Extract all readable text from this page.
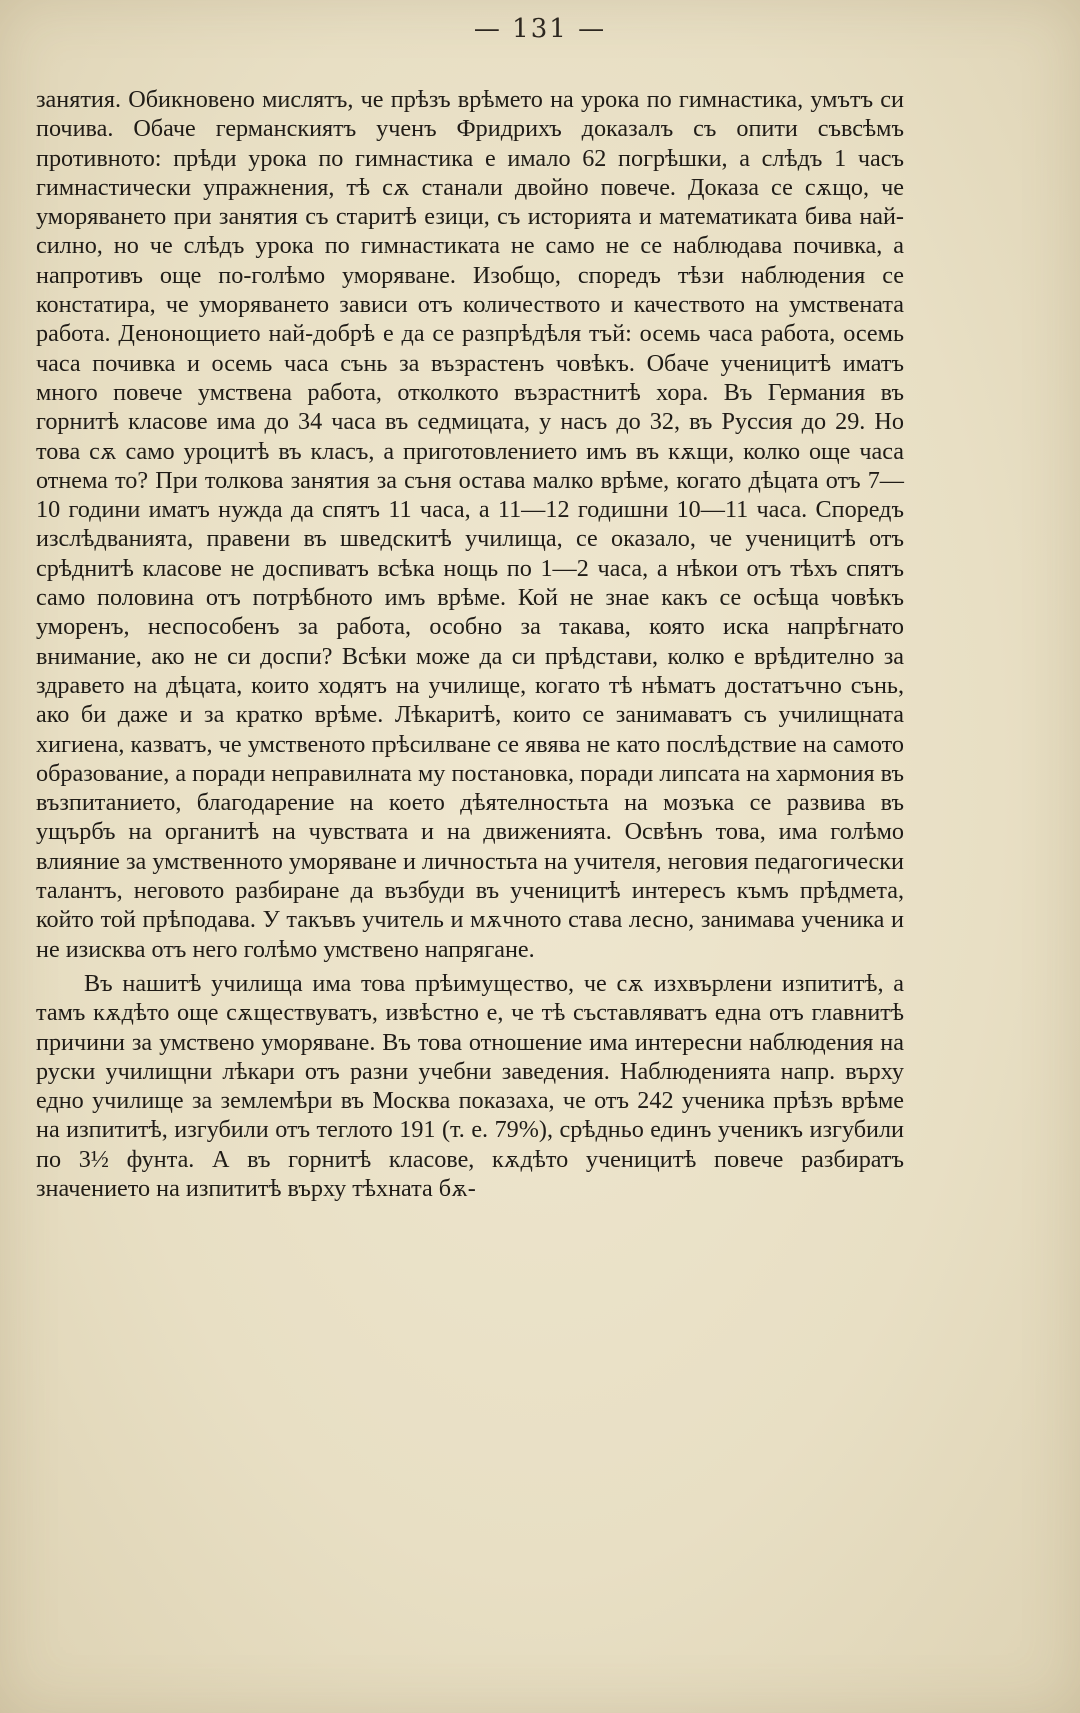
— 131 —

занятия. Обикновено мислятъ, че прѣзъ врѣмето на урока по гимнастика, умътъ си почива. Обаче германскиятъ ученъ Фридрихъ доказалъ съ опити съвсѣмъ противното: прѣди урока по гимнастика е имало 62 погрѣшки, а слѣдъ 1 часъ гимнастически упражнения, тѣ сѫ станали двойно повече. Доказа се сѫщо, че уморяването при занятия съ старитѣ езици, съ историята и математиката бива най-силно, но че слѣдъ урока по гимнастиката не само не се наблюдава почивка, а напротивъ още по-голѣмо уморяване. Изобщо, споредъ тѣзи наблюдения се констатира, че уморяването зависи отъ количеството и качеството на умствената работа. Денонощието най-добрѣ е да се разпрѣдѣля тъй: осемь часа работа, осемь часа почивка и осемь часа сънь за възрастенъ човѣкъ. Обаче ученицитѣ иматъ много повече умствена работа, отколкото възрастнитѣ хора. Въ Германия въ горнитѣ класове има до 34 часа въ седмицата, у насъ до 32, въ Русcия до 29. Но това сѫ само уроцитѣ въ класъ, а приготовлението имъ въ кѫщи, колко още часа отнема то? При толкова занятия за съня остава малко врѣме, когато дѣцата отъ 7—10 години иматъ нужда да спятъ 11 часа, а 11—12 годишни 10—11 часа. Споредъ изслѣдванията, правени въ шведскитѣ училища, се оказало, че ученицитѣ отъ срѣднитѣ класове не доспиватъ всѣка нощь по 1—2 часа, а нѣкои отъ тѣхъ спятъ само половина отъ потрѣбното имъ врѣме. Кой не знае какъ се осѣща човѣкъ уморенъ, неспособенъ за работа, особно за такава, която иска напрѣгнато внимание, ако не си доспи? Всѣки може да си прѣдстави, колко е врѣдително за здравето на дѣцата, които ходятъ на училище, когато тѣ нѣматъ достатъчно сънь, ако би даже и за кратко врѣме. Лѣкаритѣ, които се занимаватъ съ училищната хигиена, казватъ, че умственото прѣсилване се явява не като послѣдствие на самото образование, а поради неправилната му постановка, поради липсата на хармония въ възпитанието, благодарение на което дѣятелностьта на мозъка се развива въ ущърбъ на органитѣ на чувствата и на движенията. Освѣнъ това, има голѣмо влияние за умственното уморяване и личностьта на учителя, неговия педагогически талантъ, неговото разбиране да възбуди въ ученицитѣ интересъ къмъ прѣдмета, който той прѣподава. У такъвъ учитель и мѫчното става лесно, занимава ученика и не изисква отъ него голѣмо умствено напрягане.

Въ нашитѣ училища има това прѣимущество, че сѫ изхвърлени изпититѣ, а тамъ кѫдѣто още сѫществуватъ, извѣстно е, че тѣ съставляватъ една отъ главнитѣ причини за умствено уморяване. Въ това отношение има интересни наблюдения на руски училищни лѣкари отъ разни учебни заведения. Наблюденията напр. върху едно училище за землемѣри въ Москва показаха, че отъ 242 ученика прѣзъ врѣме на изпититѣ, изгубили отъ теглото 191 (т. е. 79%), срѣдньо единъ ученикъ изгубили по 3½ фунта. А въ горнитѣ класове, кѫдѣто ученицитѣ повече разбиратъ значението на изпититѣ върху тѣхната бѫ-
